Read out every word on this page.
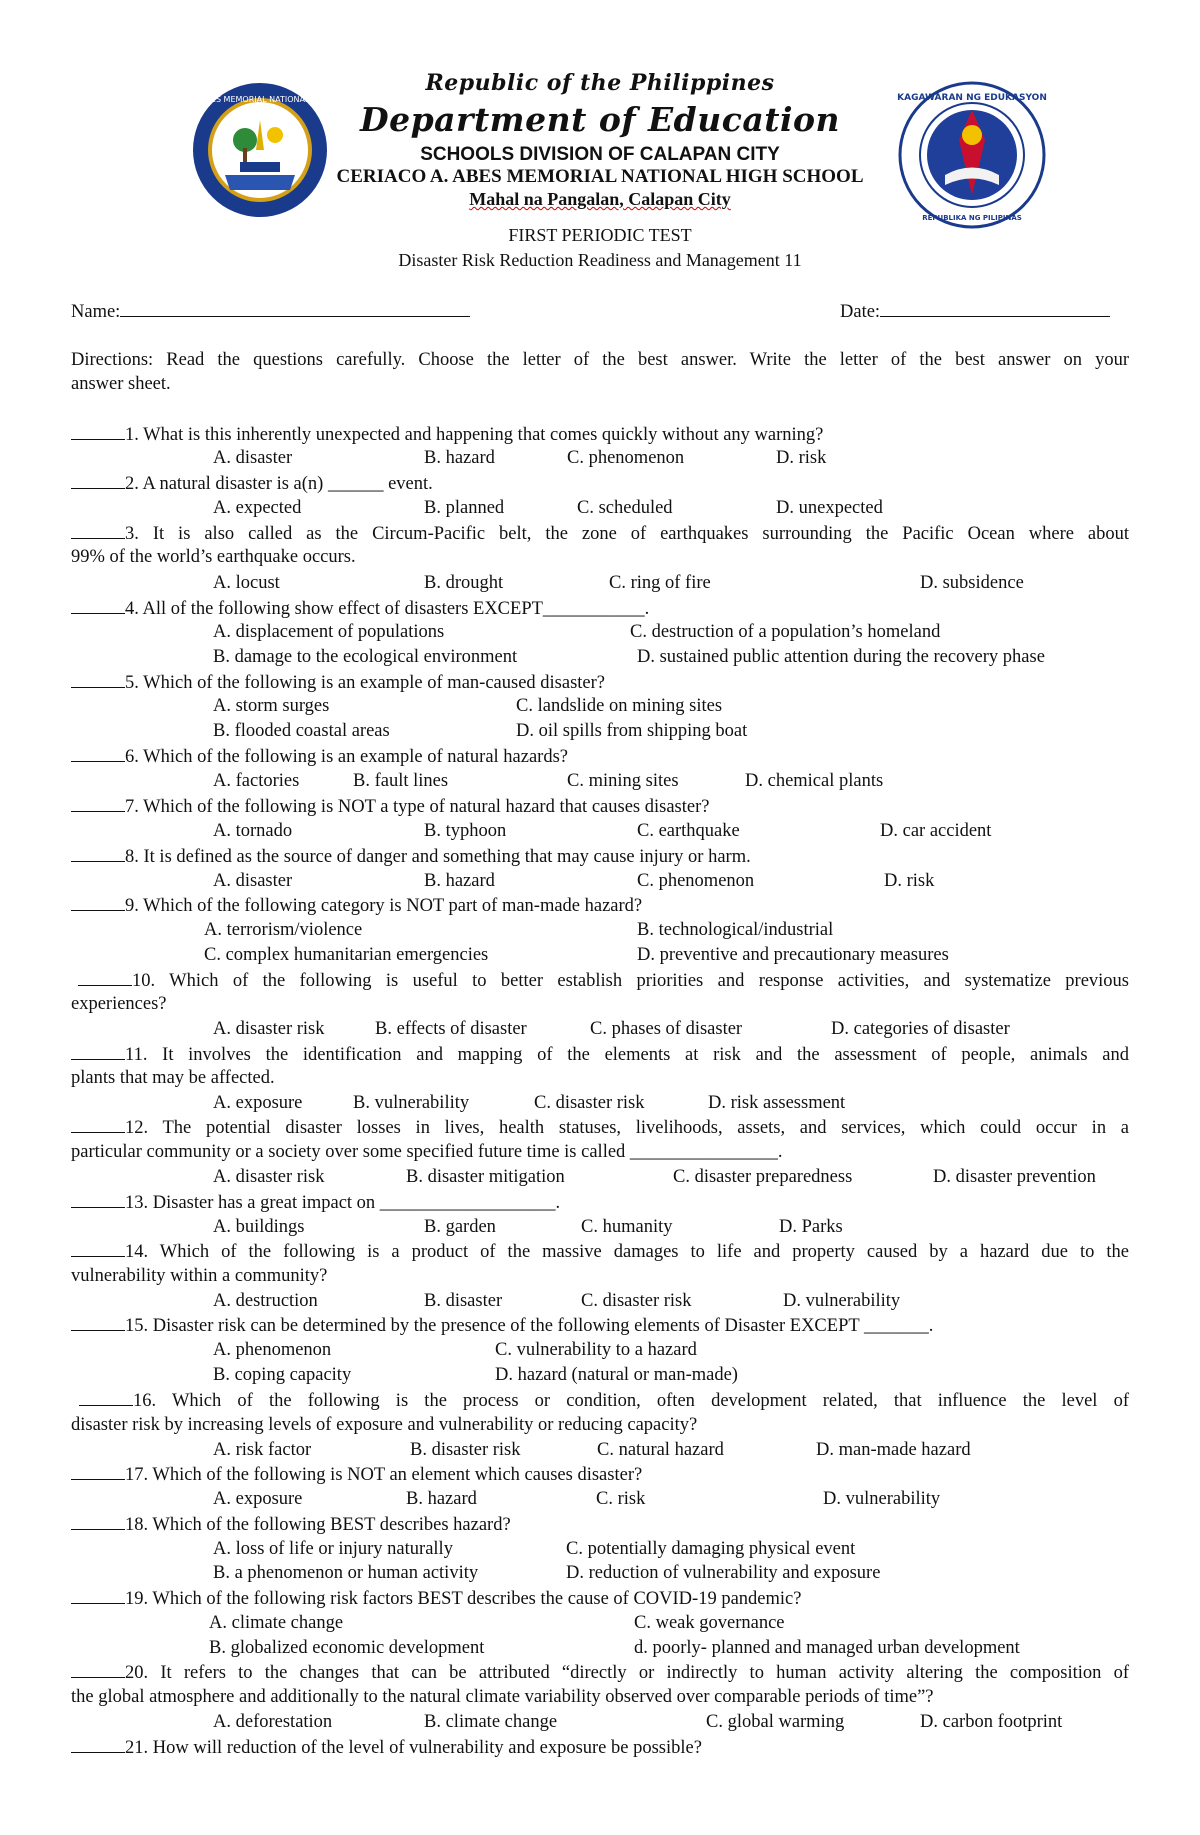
CERIACO A. ABES MEMORIAL NATIONAL HIGH SCHOOL	KAGAWARAN NG EDUKASYON
REPUBLIKA NG PILIPINAS
Republic of the Philippines
Department of Education
SCHOOLS DIVISION OF CALAPAN CITY
CERIACO A. ABES MEMORIAL NATIONAL HIGH SCHOOL
Mahal na Pangalan, Calapan City
FIRST PERIODIC TEST
Disaster Risk Reduction Readiness and Management 11
Name:	Date:
Directions: Read the questions carefully. Choose the letter of the best answer. Write the letter of the best answer on your
answer sheet.
1. What is this inherently unexpected and happening that comes quickly without any warning?
A. disaster	B. hazard	C. phenomenon	D. risk
2. A natural disaster is a(n) ______ event.
A. expected	B. planned	C. scheduled	D. unexpected
3. It is also called as the Circum-Pacific belt, the zone of earthquakes surrounding the Pacific Ocean where about
99% of the world’s earthquake occurs.
A. locust	B. drought	C. ring of fire	D. subsidence
4. All of the following show effect of disasters EXCEPT___________.
A. displacement of populations	C. destruction of a population’s homeland
B. damage to the ecological environment	D. sustained public attention during the recovery phase
5. Which of the following is an example of man-caused disaster?
A. storm surges	C. landslide on mining sites
B. flooded coastal areas	D. oil spills from shipping boat
6. Which of the following is an example of natural hazards?
A. factories	B. fault lines	C. mining sites	D. chemical plants
7. Which of the following is NOT a type of natural hazard that causes disaster?
A. tornado	B. typhoon	C. earthquake	D. car accident
8. It is defined as the source of danger and something that may cause injury or harm.
A. disaster	B. hazard	C. phenomenon	D. risk
9. Which of the following category is NOT part of man-made hazard?
A. terrorism/violence	B. technological/industrial
C. complex humanitarian emergencies	D. preventive and precautionary measures
10. Which of the following is useful to better establish priorities and response activities, and systematize previous
experiences?
A. disaster risk	B. effects of disaster	C. phases of disaster	D. categories of disaster
11. It involves the identification and mapping of the elements at risk and the assessment of people, animals and
plants that may be affected.
A. exposure	B. vulnerability	C. disaster risk	D. risk assessment
12. The potential disaster losses in lives, health statuses, livelihoods, assets, and services, which could occur in a
particular community or a society over some specified future time is called ________________.
A. disaster risk	B. disaster mitigation	C. disaster preparedness	D. disaster prevention
13. Disaster has a great impact on ___________________.
A. buildings	B. garden	C. humanity	D. Parks
14. Which of the following is a product of the massive damages to life and property caused by a hazard due to the
vulnerability within a community?
A. destruction	B. disaster	C. disaster risk	D. vulnerability
15. Disaster risk can be determined by the presence of the following elements of Disaster EXCEPT _______.
A. phenomenon	C. vulnerability to a hazard
B. coping capacity	D. hazard (natural or man-made)
16. Which of the following is the process or condition, often development related, that influence the level of
disaster risk by increasing levels of exposure and vulnerability or reducing capacity?
A. risk factor	B. disaster risk	C. natural hazard	D. man-made hazard
17. Which of the following is NOT an element which causes disaster?
A. exposure	B. hazard	C. risk	D. vulnerability
18. Which of the following BEST describes hazard?
A. loss of life or injury naturally	C. potentially damaging physical event
B. a phenomenon or human activity	D. reduction of vulnerability and exposure
19. Which of the following risk factors BEST describes the cause of COVID-19 pandemic?
A. climate change	C. weak governance
B. globalized economic development	d. poorly- planned and managed urban development
20. It refers to the changes that can be attributed “directly or indirectly to human activity altering the composition of
the global atmosphere and additionally to the natural climate variability observed over comparable periods of time”?
A. deforestation	B. climate change	C. global warming	D. carbon footprint
21. How will reduction of the level of vulnerability and exposure be possible?
